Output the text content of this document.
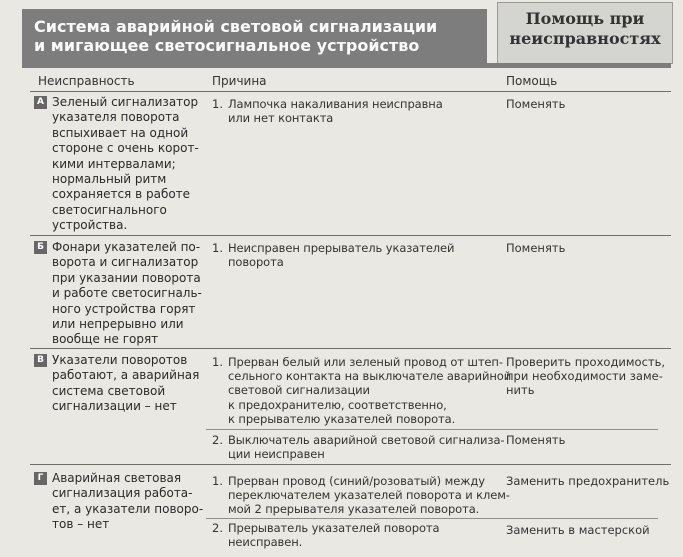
Система аварийной световой сигнализации
и мигающее светосигнальное устройство
Помощь при
неисправностях
Неисправность	Причина	Помощь
А Зеленый сигнализатор
указателя поворота
вспыхивает на одной
стороне с очень корот-
кими интервалами;
нормальный ритм
сохраняется в работе
светосигнального
устройства.
1. Лампочка накаливания неисправна
или нет контакта
Поменять
Б Фонари указателей по-
ворота и сигнализатор
при указании поворота
и работе светосигналь-
ного устройства горят
или непрерывно или
вообще не горят
1. Неисправен прерыватель указателей
поворота
Поменять
В Указатели поворотов
работают, а аварийная
система световой
сигнализации – нет
1. Прерван белый или зеленый провод от штеп-
сельного контакта на выключателе аварийной
световой сигнализации
к предохранителю, соответственно,
к прерывателю указателей поворота.
Проверить проходимость,
при необходимости заме-
нить
2. Выключатель аварийной световой сигнализа-
ции неисправен
Поменять
Г Аварийная световая
сигнализация работа-
ет, а указатели поворо-
тов – нет
1. Прерван провод (синий/розоватый) между
переключателем указателей поворота и клем-
мой 2 прерывателя указателей поворота.
Заменить предохранитель
2. Прерыватель указателей поворота
неисправен.
Заменить в мастерской
